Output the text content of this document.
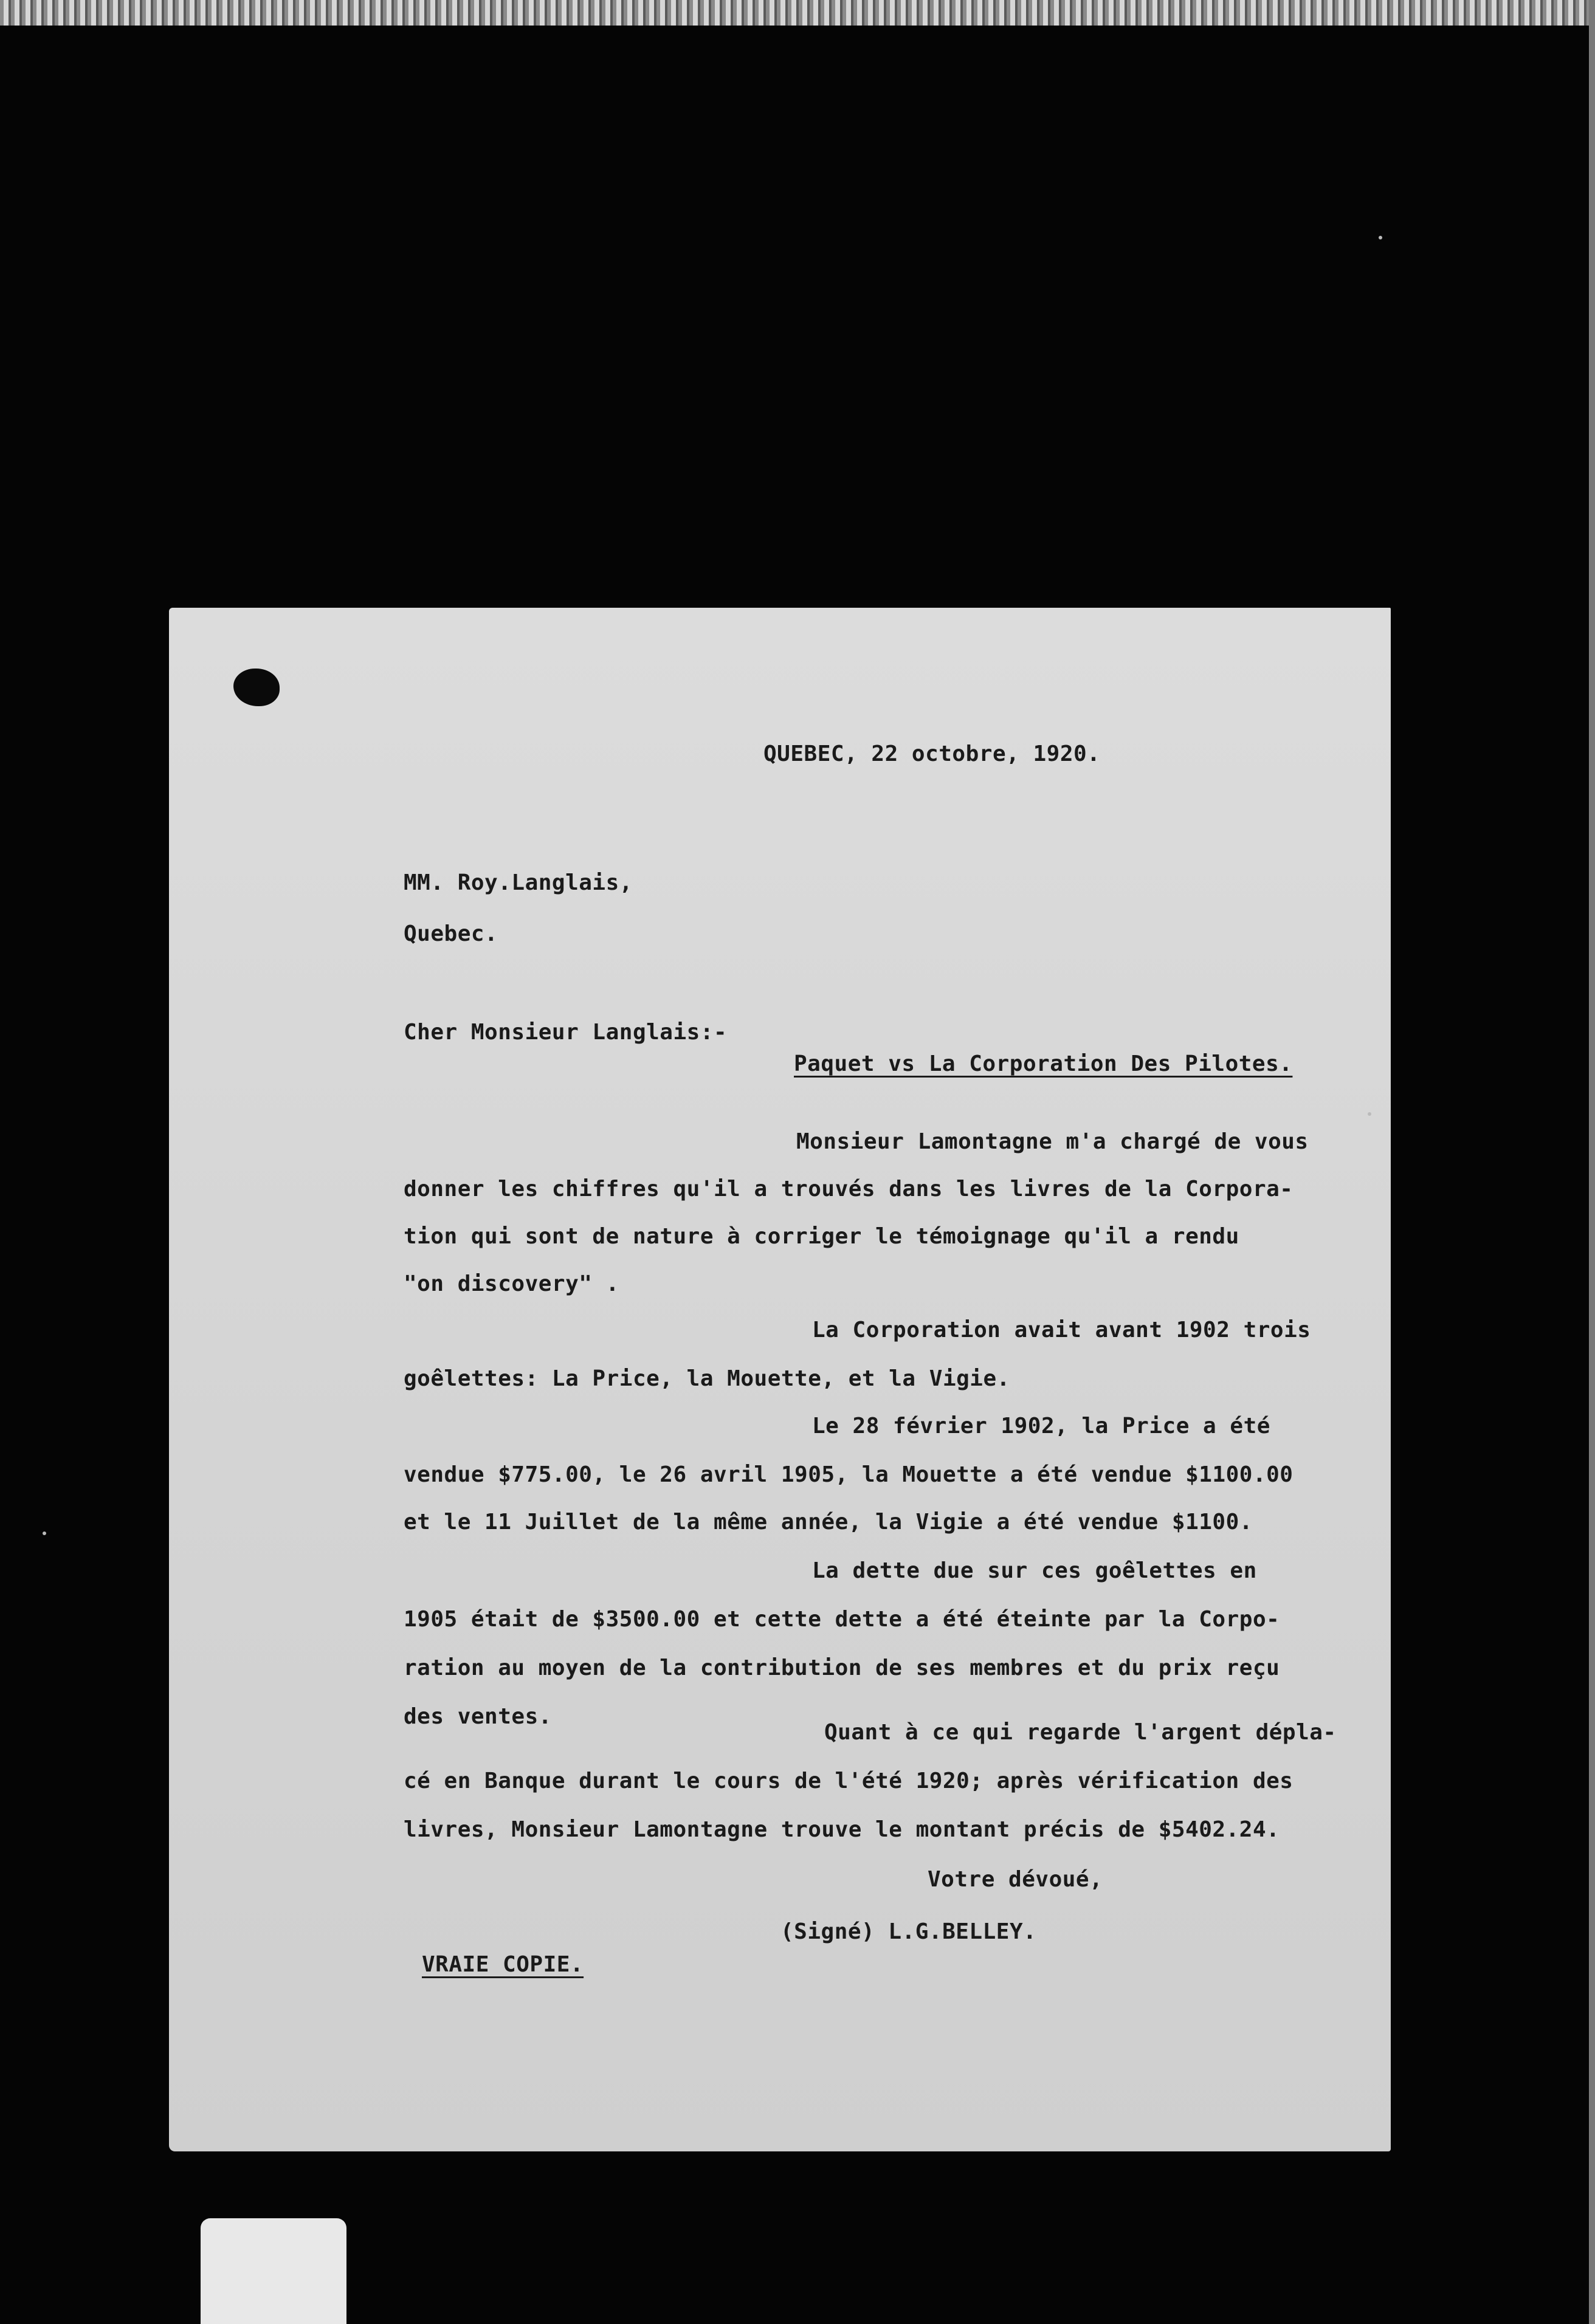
QUEBEC, 22 octobre, 1920.

MM. Roy.Langlais,

Quebec.

Cher Monsieur Langlais:-

Paquet vs La Corporation Des Pilotes.

Monsieur Lamontagne m'a chargé de vous

donner les chiffres qu'il a trouvés dans les livres de la Corpora-

tion qui sont de nature à corriger le témoignage qu'il a rendu

"on discovery" .

La Corporation avait avant 1902 trois

goêlettes: La Price, la Mouette, et la Vigie.

Le 28 février 1902, la Price a été

vendue $775.00, le 26 avril 1905, la Mouette a été vendue $1100.00

et le 11 Juillet de la même année, la Vigie a été vendue $1100.

La dette due sur ces goêlettes en

1905 était de $3500.00 et cette dette a été éteinte par la Corpo-

ration au moyen de la contribution de ses membres et du prix reçu

des ventes.

Quant à ce qui regarde l'argent dépla-

cé en Banque durant le cours de l'été 1920; après vérification des

livres, Monsieur Lamontagne trouve le montant précis de $5402.24.

Votre dévoué,

(Signé) L.G.BELLEY.

VRAIE COPIE.
